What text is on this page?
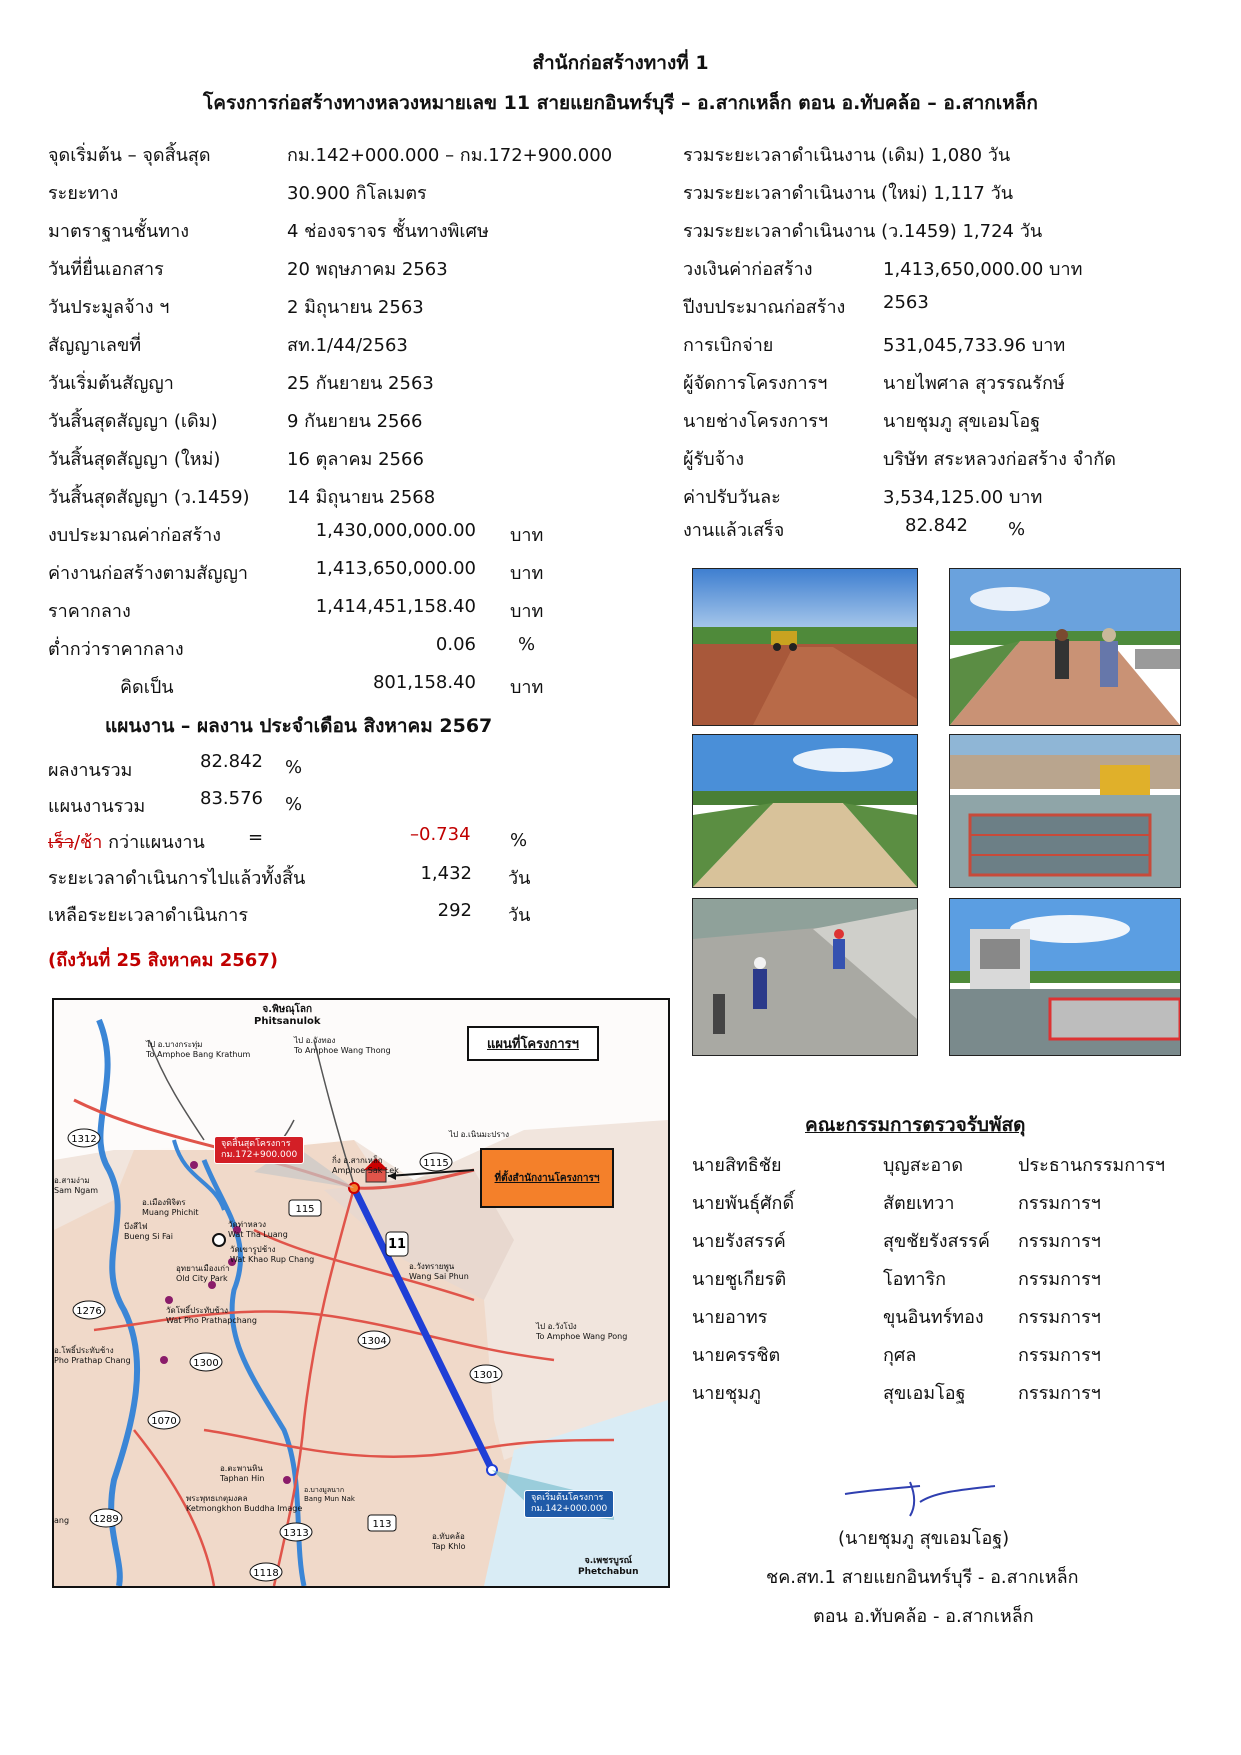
สำนักก่อสร้างทางที่ 1
โครงการก่อสร้างทางหลวงหมายเลข 11 สายแยกอินทร์บุรี – อ.สากเหล็ก ตอน อ.ทับคล้อ – อ.สากเหล็ก
จุดเริ่มต้น – จุดสิ้นสุด	กม.142+000.000 – กม.172+900.000
ระยะทาง	30.900 กิโลเมตร
มาตราฐานชั้นทาง	4 ช่องจราจร ชั้นทางพิเศษ
วันที่ยื่นเอกสาร	20 พฤษภาคม 2563
วันประมูลจ้าง ฯ	2 มิถุนายน 2563
สัญญาเลขที่	สท.1/44/2563
วันเริ่มต้นสัญญา	25 กันยายน 2563
วันสิ้นสุดสัญญา (เดิม)	9 กันยายน 2566
วันสิ้นสุดสัญญา (ใหม่)	16 ตุลาคม 2566
วันสิ้นสุดสัญญา (ว.1459) 14 มิถุนายน 2568
งบประมาณค่าก่อสร้าง	1,430,000,000.00 บาท
ค่างานก่อสร้างตามสัญญา	1,413,650,000.00 บาท
ราคากลาง	1,414,451,158.40 บาท
ต่ำกว่าราคากลาง	0.06 %
คิดเป็น	801,158.40 บาท
รวมระยะเวลาดำเนินงาน (เดิม) 1,080 วัน
รวมระยะเวลาดำเนินงาน (ใหม่) 1,117 วัน
รวมระยะเวลาดำเนินงาน (ว.1459) 1,724 วัน
วงเงินค่าก่อสร้าง	1,413,650,000.00 บาท
ปีงบประมาณก่อสร้าง 2563
การเบิกจ่าย	531,045,733.96 บาท
ผู้จัดการโครงการฯ	นายไพศาล สุวรรณรักษ์
นายช่างโครงการฯ	นายชุมภู สุขเอมโอฐ
ผู้รับจ้าง	บริษัท สระหลวงก่อสร้าง จำกัด
ค่าปรับวันละ	3,534,125.00 บาท
งานแล้วเสร็จ	82.842 %
แผนงาน – ผลงาน ประจำเดือน สิงหาคม 2567
ผลงานรวม	82.842 %
แผนงานรวม	83.576 %
เร็ว/ช้า กว่าแผนงาน =	–0.734 %
ระยะเวลาดำเนินการไปแล้วทั้งสิ้น	1,432 วัน
เหลือระยะเวลาดำเนินการ	292 วัน
(ถึงวันที่ 25 สิงหาคม 2567)
1312
1115
115
11
1304
1276
1300
1301
1070
1289	113
1313
1118
จ.พิษณุโลก
Phitsanulok
แผนที่โครงการฯ
ไป อ.บางกระทุ่ม
To Amphoe Bang Krathum
ไป อ.วังทอง
To Amphoe Wang Thong
จุดสิ้นสุดโครงการ
กม.172+900.000
ไป อ.เนินมะปราง
ที่ตั้งสำนักงานโครงการฯ
กิ่ง อ.สากเหล็ก
Amphoe Sak Lek
อ.สามง่าม
Sam Ngam
อ.เมืองพิจิตร
Muang Phichit
บึงสีไฟ
Bueng Si Fai
วัดท่าหลวง
Wat Tha Luang
วัดเขารูปช้าง
Wat Khao Rup Chang
อุทยานเมืองเก่า
Old City Park
อ.วังทรายพูน
Wang Sai Phun
วัดโพธิ์ประทับช้าง
Wat Pho Prathapchang
ไป อ.วังโป่ง
To Amphoe Wang Pong
อ.โพธิ์ประทับช้าง
Pho Prathap Chang
อ.ตะพานหิน
Taphan Hin
พระพุทธเกตุมงคล
Ketmongkhon Buddha Image
อ.บางมูลนาก
Bang Mun Nak	จุดเริ่มต้นโครงการ
กม.142+000.000
ang
อ.ทับคล้อ
Tap Khlo
จ.เพชรบูรณ์
Phetchabun
คณะกรรมการตรวจรับพัสดุ
นายสิทธิชัย	บุญสะอาด	ประธานกรรมการฯ
นายพันธุ์ศักดิ์	สัตยเทวา	กรรมการฯ
นายรังสรรค์	สุขชัยรังสรรค์ กรรมการฯ
นายชูเกียรติ	โอทาริก	กรรมการฯ
นายอาทร	ขุนอินทร์ทอง กรรมการฯ
นายครรชิต	กุศล	กรรมการฯ
นายชุมภู	สุขเอมโอฐ	กรรมการฯ
(นายชุมภู สุขเอมโอฐ)
ชค.สท.1 สายแยกอินทร์บุรี - อ.สากเหล็ก
ตอน อ.ทับคล้อ - อ.สากเหล็ก
